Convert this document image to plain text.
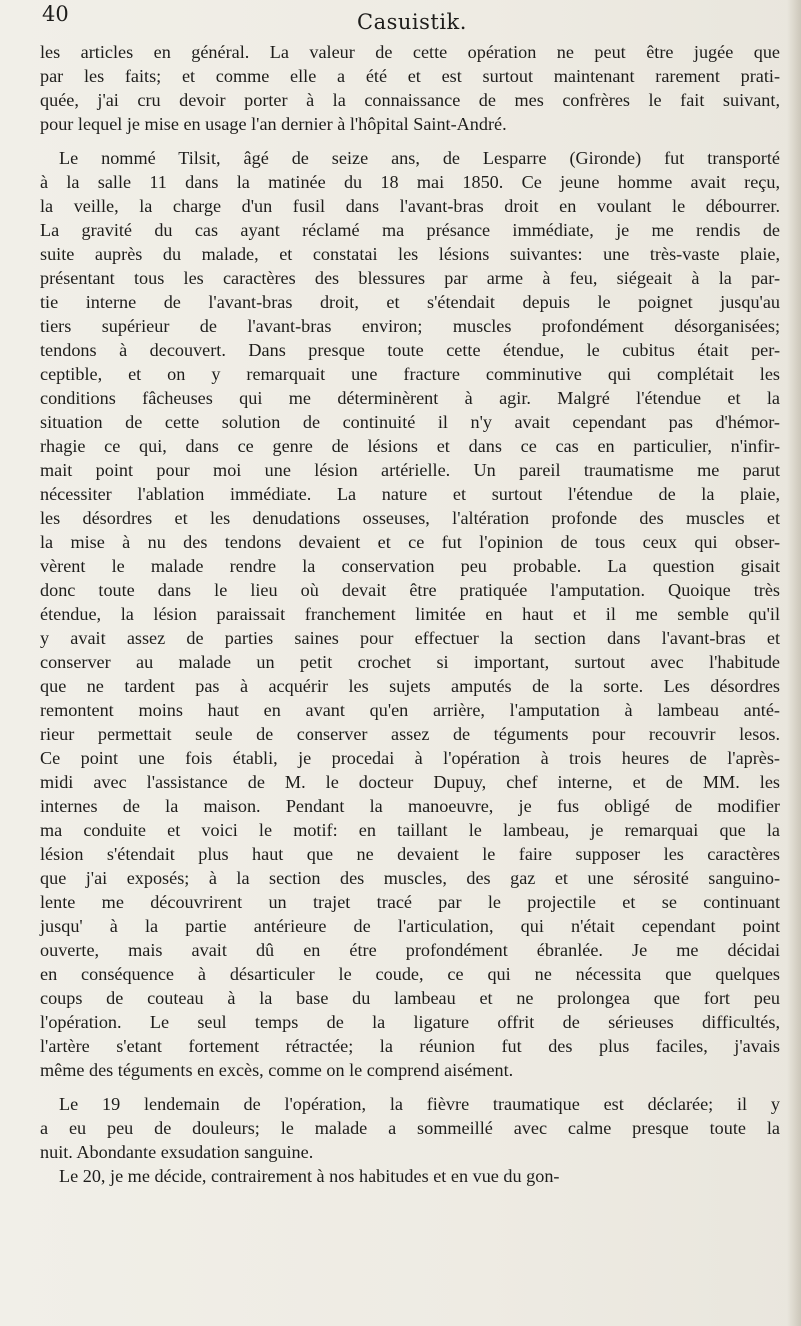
40	Casuistik.
les articles en général. La valeur de cette opération ne peut être jugée que
par les faits; et comme elle a été et est surtout maintenant rarement prati-
quée, j'ai cru devoir porter à la connaissance de mes confrères le fait suivant,
pour lequel je mise en usage l'an dernier à l'hôpital Saint-André.
Le nommé Tilsit, âgé de seize ans, de Lesparre (Gironde) fut transporté
à la salle 11 dans la matinée du 18 mai 1850. Ce jeune homme avait reçu,
la veille, la charge d'un fusil dans l'avant-bras droit en voulant le débourrer.
La gravité du cas ayant réclamé ma présance immédiate, je me rendis de
suite auprès du malade, et constatai les lésions suivantes: une très-vaste plaie,
présentant tous les caractères des blessures par arme à feu, siégeait à la par-
tie interne de l'avant-bras droit, et s'étendait depuis le poignet jusqu'au
tiers supérieur de l'avant-bras environ; muscles profondément désorganisées;
tendons à decouvert. Dans presque toute cette étendue, le cubitus était per-
ceptible, et on y remarquait une fracture comminutive qui complétait les
conditions fâcheuses qui me déterminèrent à agir. Malgré l'étendue et la
situation de cette solution de continuité il n'y avait cependant pas d'hémor-
rhagie ce qui, dans ce genre de lésions et dans ce cas en particulier, n'infir-
mait point pour moi une lésion artérielle. Un pareil traumatisme me parut
nécessiter l'ablation immédiate. La nature et surtout l'étendue de la plaie,
les désordres et les denudations osseuses, l'altération profonde des muscles et
la mise à nu des tendons devaient et ce fut l'opinion de tous ceux qui obser-
vèrent le malade rendre la conservation peu probable. La question gisait
donc toute dans le lieu où devait être pratiquée l'amputation. Quoique très
étendue, la lésion paraissait franchement limitée en haut et il me semble qu'il
y avait assez de parties saines pour effectuer la section dans l'avant-bras et
conserver au malade un petit crochet si important, surtout avec l'habitude
que ne tardent pas à acquérir les sujets amputés de la sorte. Les désordres
remontent moins haut en avant qu'en arrière, l'amputation à lambeau anté-
rieur permettait seule de conserver assez de téguments pour recouvrir lesos.
Ce point une fois établi, je procedai à l'opération à trois heures de l'après-
midi avec l'assistance de M. le docteur Dupuy, chef interne, et de MM. les
internes de la maison. Pendant la manoeuvre, je fus obligé de modifier
ma conduite et voici le motif: en taillant le lambeau, je remarquai que la
lésion s'étendait plus haut que ne devaient le faire supposer les caractères
que j'ai exposés; à la section des muscles, des gaz et une sérosité sanguino-
lente me découvrirent un trajet tracé par le projectile et se continuant
jusqu' à la partie antérieure de l'articulation, qui n'était cependant point
ouverte, mais avait dû en étre profondément ébranlée. Je me décidai
en conséquence à désarticuler le coude, ce qui ne nécessita que quelques
coups de couteau à la base du lambeau et ne prolongea que fort peu
l'opération. Le seul temps de la ligature offrit de sérieuses difficultés,
l'artère s'etant fortement rétractée; la réunion fut des plus faciles, j'avais
même des téguments en excès, comme on le comprend aisément.
Le 19 lendemain de l'opération, la fièvre traumatique est déclarée; il y
a eu peu de douleurs; le malade a sommeillé avec calme presque toute la
nuit. Abondante exsudation sanguine.
Le 20, je me décide, contrairement à nos habitudes et en vue du gon-
